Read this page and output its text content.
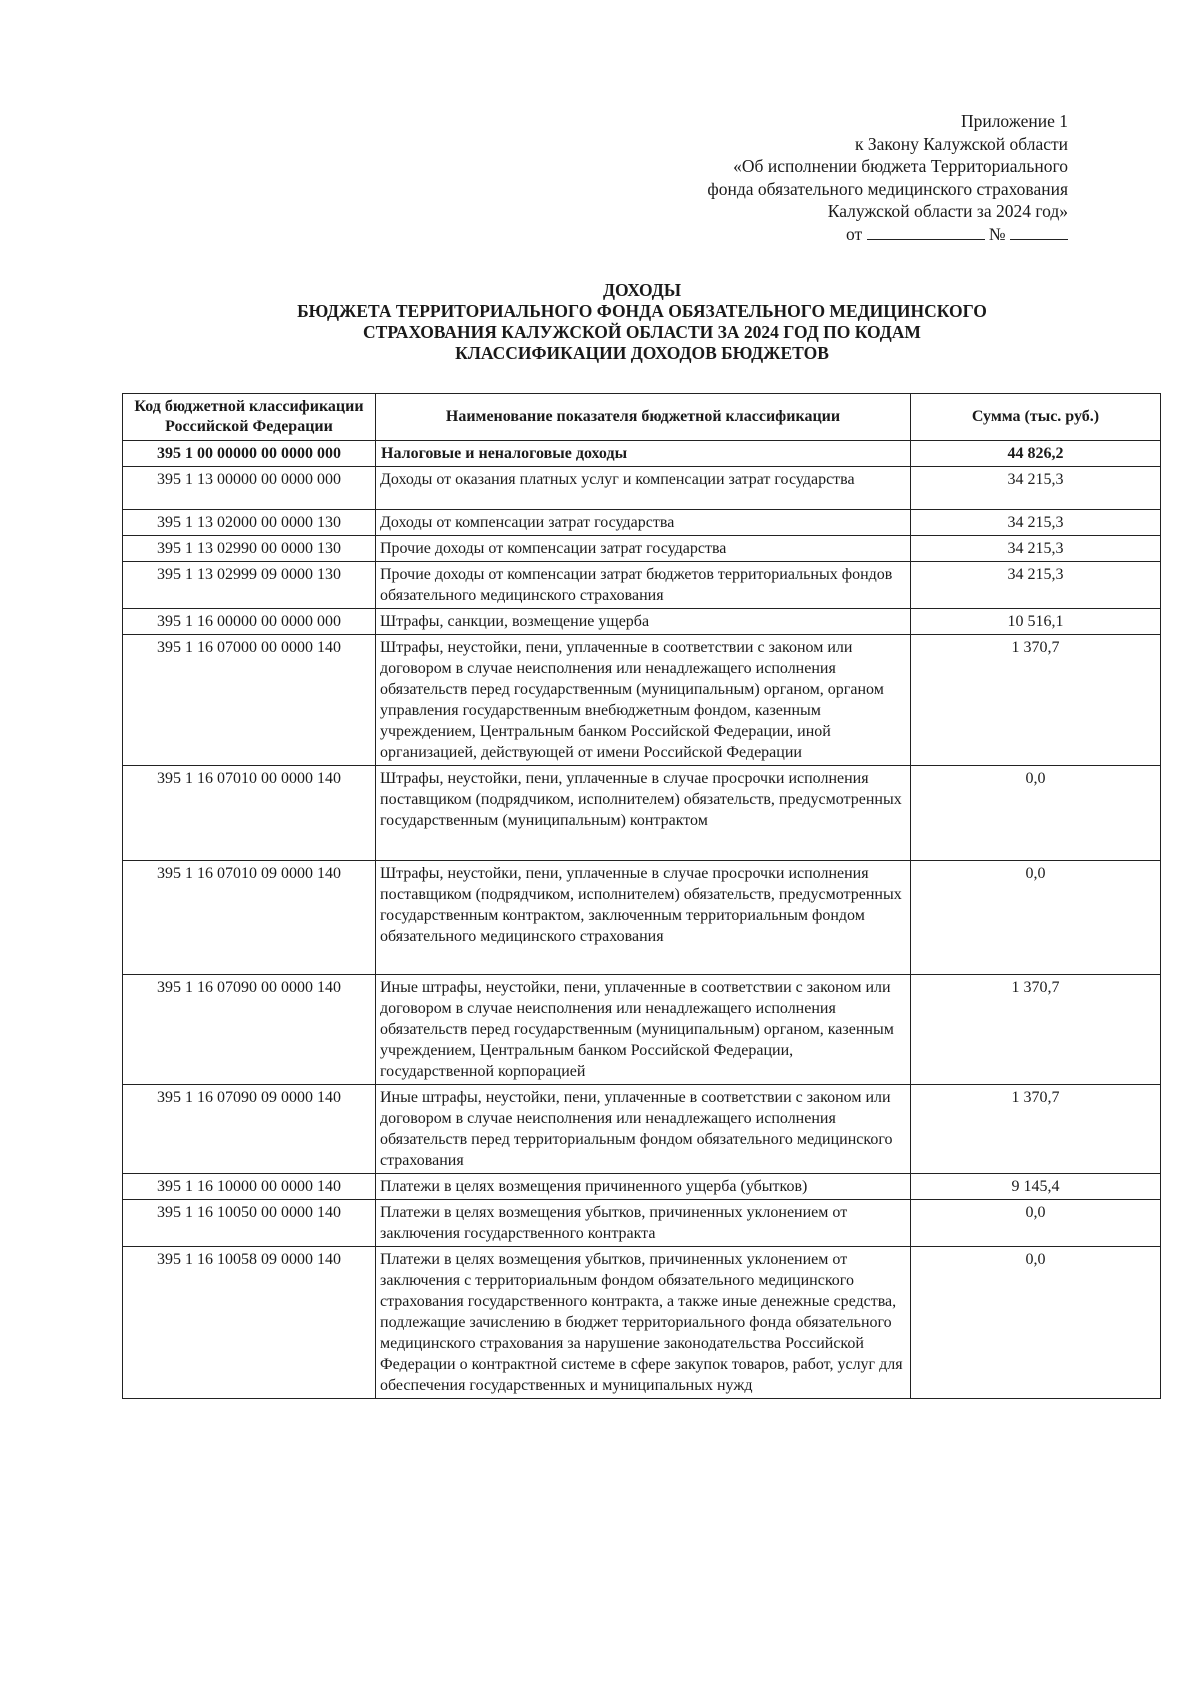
Приложение 1
к Закону Калужской области
«Об исполнении бюджета Территориального
фонда обязательного медицинского страхования
Калужской области за 2024 год»
от	№
ДОХОДЫ
БЮДЖЕТА ТЕРРИТОРИАЛЬНОГО ФОНДА ОБЯЗАТЕЛЬНОГО МЕДИЦИНСКОГО
СТРАХОВАНИЯ КАЛУЖСКОЙ ОБЛАСТИ ЗА 2024 ГОД ПО КОДАМ
КЛАССИФИКАЦИИ ДОХОДОВ БЮДЖЕТОВ
Код бюджетной классификации Российской Федерации	Наименование показателя бюджетной классификации	Сумма (тыс. руб.)
395 1 00 00000 00 0000 000	Налоговые и неналоговые доходы	44 826,2
395 1 13 00000 00 0000 000	Доходы от оказания платных услуг и компенсации затрат государства	34 215,3
395 1 13 02000 00 0000 130	Доходы от компенсации затрат государства	34 215,3
395 1 13 02990 00 0000 130	Прочие доходы от компенсации затрат государства	34 215,3
395 1 13 02999 09 0000 130	Прочие доходы от компенсации затрат бюджетов территориальных фондов обязательного медицинского страхования	34 215,3
395 1 16 00000 00 0000 000	Штрафы, санкции, возмещение ущерба	10 516,1
395 1 16 07000 00 0000 140	Штрафы, неустойки, пени, уплаченные в соответствии с законом или договором в случае неисполнения или ненадлежащего исполнения обязательств перед государственным (муниципальным) органом, органом управления государственным внебюджетным фондом, казенным учреждением, Центральным банком Российской Федерации, иной организацией, действующей от имени Российской Федерации	1 370,7
395 1 16 07010 00 0000 140	Штрафы, неустойки, пени, уплаченные в случае просрочки исполнения поставщиком (подрядчиком, исполнителем) обязательств, предусмотренных государственным (муниципальным) контрактом	0,0
395 1 16 07010 09 0000 140	Штрафы, неустойки, пени, уплаченные в случае просрочки исполнения поставщиком (подрядчиком, исполнителем) обязательств, предусмотренных государственным контрактом, заключенным территориальным фондом обязательного медицинского страхования	0,0
395 1 16 07090 00 0000 140	Иные штрафы, неустойки, пени, уплаченные в соответствии с законом или договором в случае неисполнения или ненадлежащего исполнения обязательств перед государственным (муниципальным) органом, казенным учреждением, Центральным банком Российской Федерации, государственной корпорацией	1 370,7
395 1 16 07090 09 0000 140	Иные штрафы, неустойки, пени, уплаченные в соответствии с законом или договором в случае неисполнения или ненадлежащего исполнения обязательств перед территориальным фондом обязательного медицинского страхования	1 370,7
395 1 16 10000 00 0000 140	Платежи в целях возмещения причиненного ущерба (убытков)	9 145,4
395 1 16 10050 00 0000 140	Платежи в целях возмещения убытков, причиненных уклонением от заключения государственного контракта	0,0
395 1 16 10058 09 0000 140	Платежи в целях возмещения убытков, причиненных уклонением от заключения с территориальным фондом обязательного медицинского страхования государственного контракта, а также иные денежные средства, подлежащие зачислению в бюджет территориального фонда обязательного медицинского страхования за нарушение законодательства Российской Федерации о контрактной системе в сфере закупок товаров, работ, услуг для обеспечения государственных и муниципальных нужд	0,0
